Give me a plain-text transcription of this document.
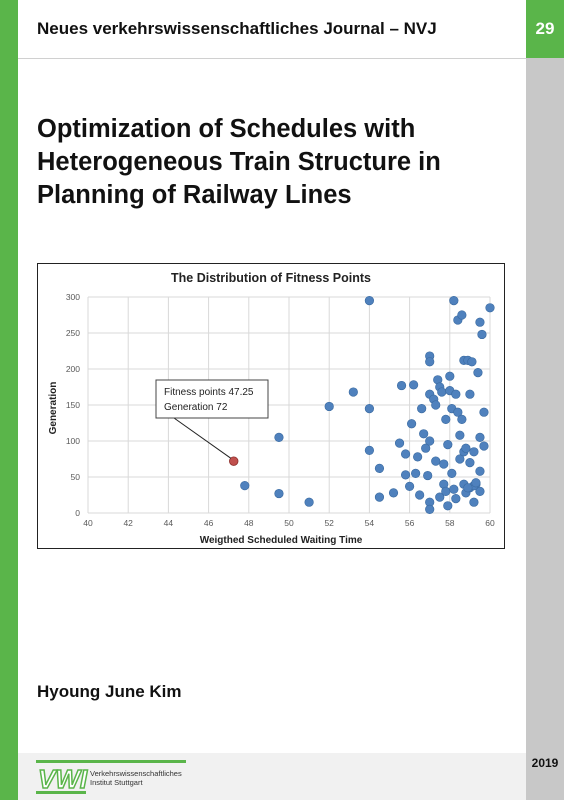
Neues verkehrswissenschaftliches Journal – NVJ	29
Optimization of Schedules with Heterogeneous Train Structure in Planning of Railway Lines
The Distribution of Fitness Points
Generation
Weigthed Scheduled Waiting Time
40	42	44	46	48	50	52	54	56	58	60
0
50
100
150
200
250
300
Fitness points 47.25
Generation 72
Hyoung June Kim
2019
VWI Verkehrswissenschaftliches
Institut Stuttgart
